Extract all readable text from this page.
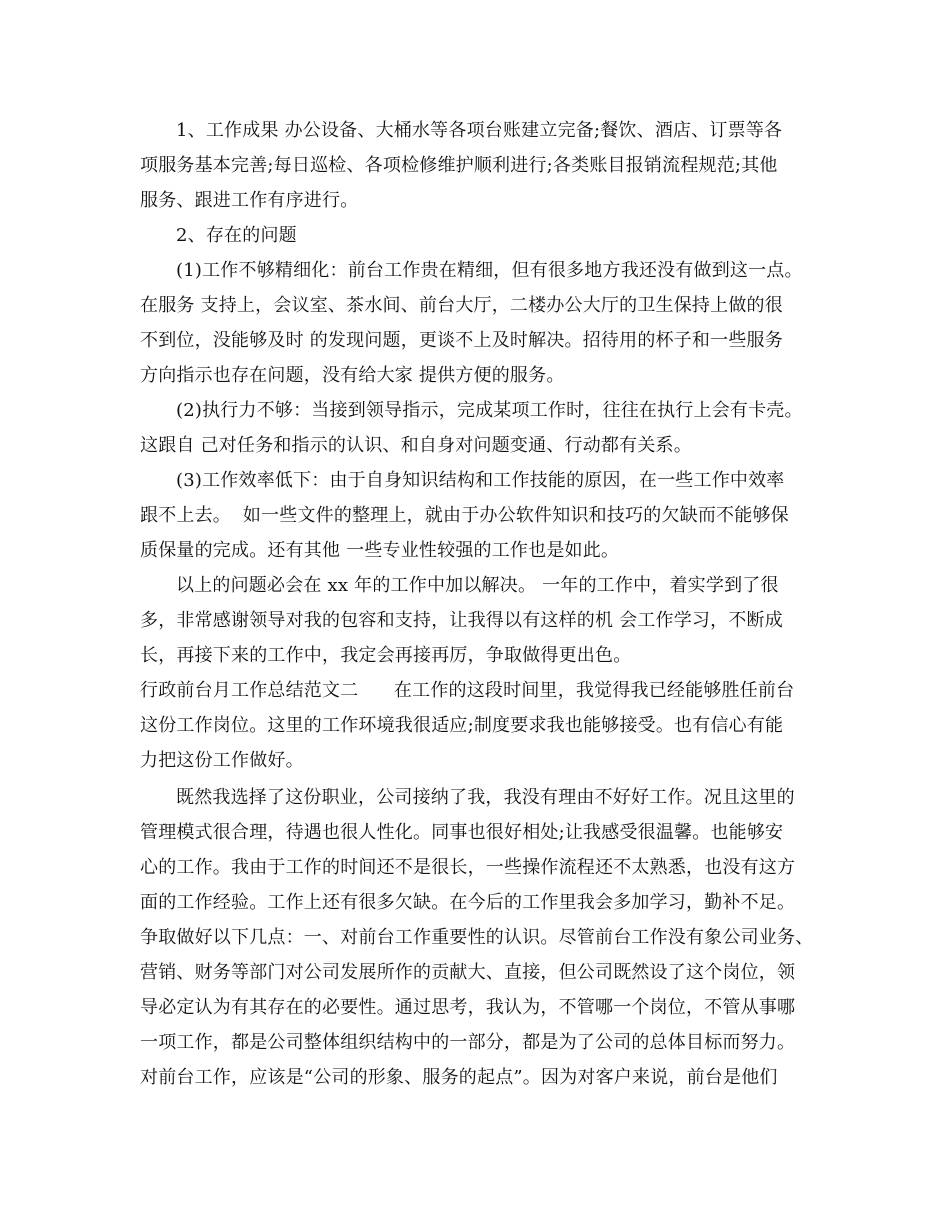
1、工作成果 办公设备、大桶水等各项台账建立完备;餐饮、酒店、订票等各
项服务基本完善;每日巡检、各项检修维护顺利进行;各类账目报销流程规范;其他
服务、跟进工作有序进行。
2、存在的问题
(1)工作不够精细化：前台工作贵在精细，但有很多地方我还没有做到这一点。
在服务 支持上，会议室、茶水间、前台大厅，二楼办公大厅的卫生保持上做的很
不到位，没能够及时 的发现问题，更谈不上及时解决。招待用的杯子和一些服务
方向指示也存在问题，没有给大家 提供方便的服务。
(2)执行力不够：当接到领导指示，完成某项工作时，往往在执行上会有卡壳。
这跟自 己对任务和指示的认识、和自身对问题变通、行动都有关系。
(3)工作效率低下：由于自身知识结构和工作技能的原因，在一些工作中效率
跟不上去。  如一些文件的整理上，就由于办公软件知识和技巧的欠缺而不能够保
质保量的完成。还有其他 一些专业性较强的工作也是如此。
以上的问题必会在 xx 年的工作中加以解决。 一年的工作中，着实学到了很
多，非常感谢领导对我的包容和支持，让我得以有这样的机 会工作学习，不断成
长，再接下来的工作中，我定会再接再厉，争取做得更出色。
行政前台月工作总结范文二      在工作的这段时间里，我觉得我已经能够胜任前台
这份工作岗位。这里的工作环境我很适应;制度要求我也能够接受。也有信心有能
力把这份工作做好。
既然我选择了这份职业，公司接纳了我，我没有理由不好好工作。况且这里的
管理模式很合理，待遇也很人性化。同事也很好相处;让我感受很温馨。也能够安
心的工作。我由于工作的时间还不是很长，一些操作流程还不太熟悉，也没有这方
面的工作经验。工作上还有很多欠缺。在今后的工作里我会多加学习，勤补不足。
争取做好以下几点：一、对前台工作重要性的认识。尽管前台工作没有象公司业务、
营销、财务等部门对公司发展所作的贡献大、直接，但公司既然设了这个岗位，领
导必定认为有其存在的必要性。通过思考，我认为，不管哪一个岗位，不管从事哪
一项工作，都是公司整体组织结构中的一部分，都是为了公司的总体目标而努力。
对前台工作，应该是“公司的形象、服务的起点”。因为对客户来说，前台是他们
